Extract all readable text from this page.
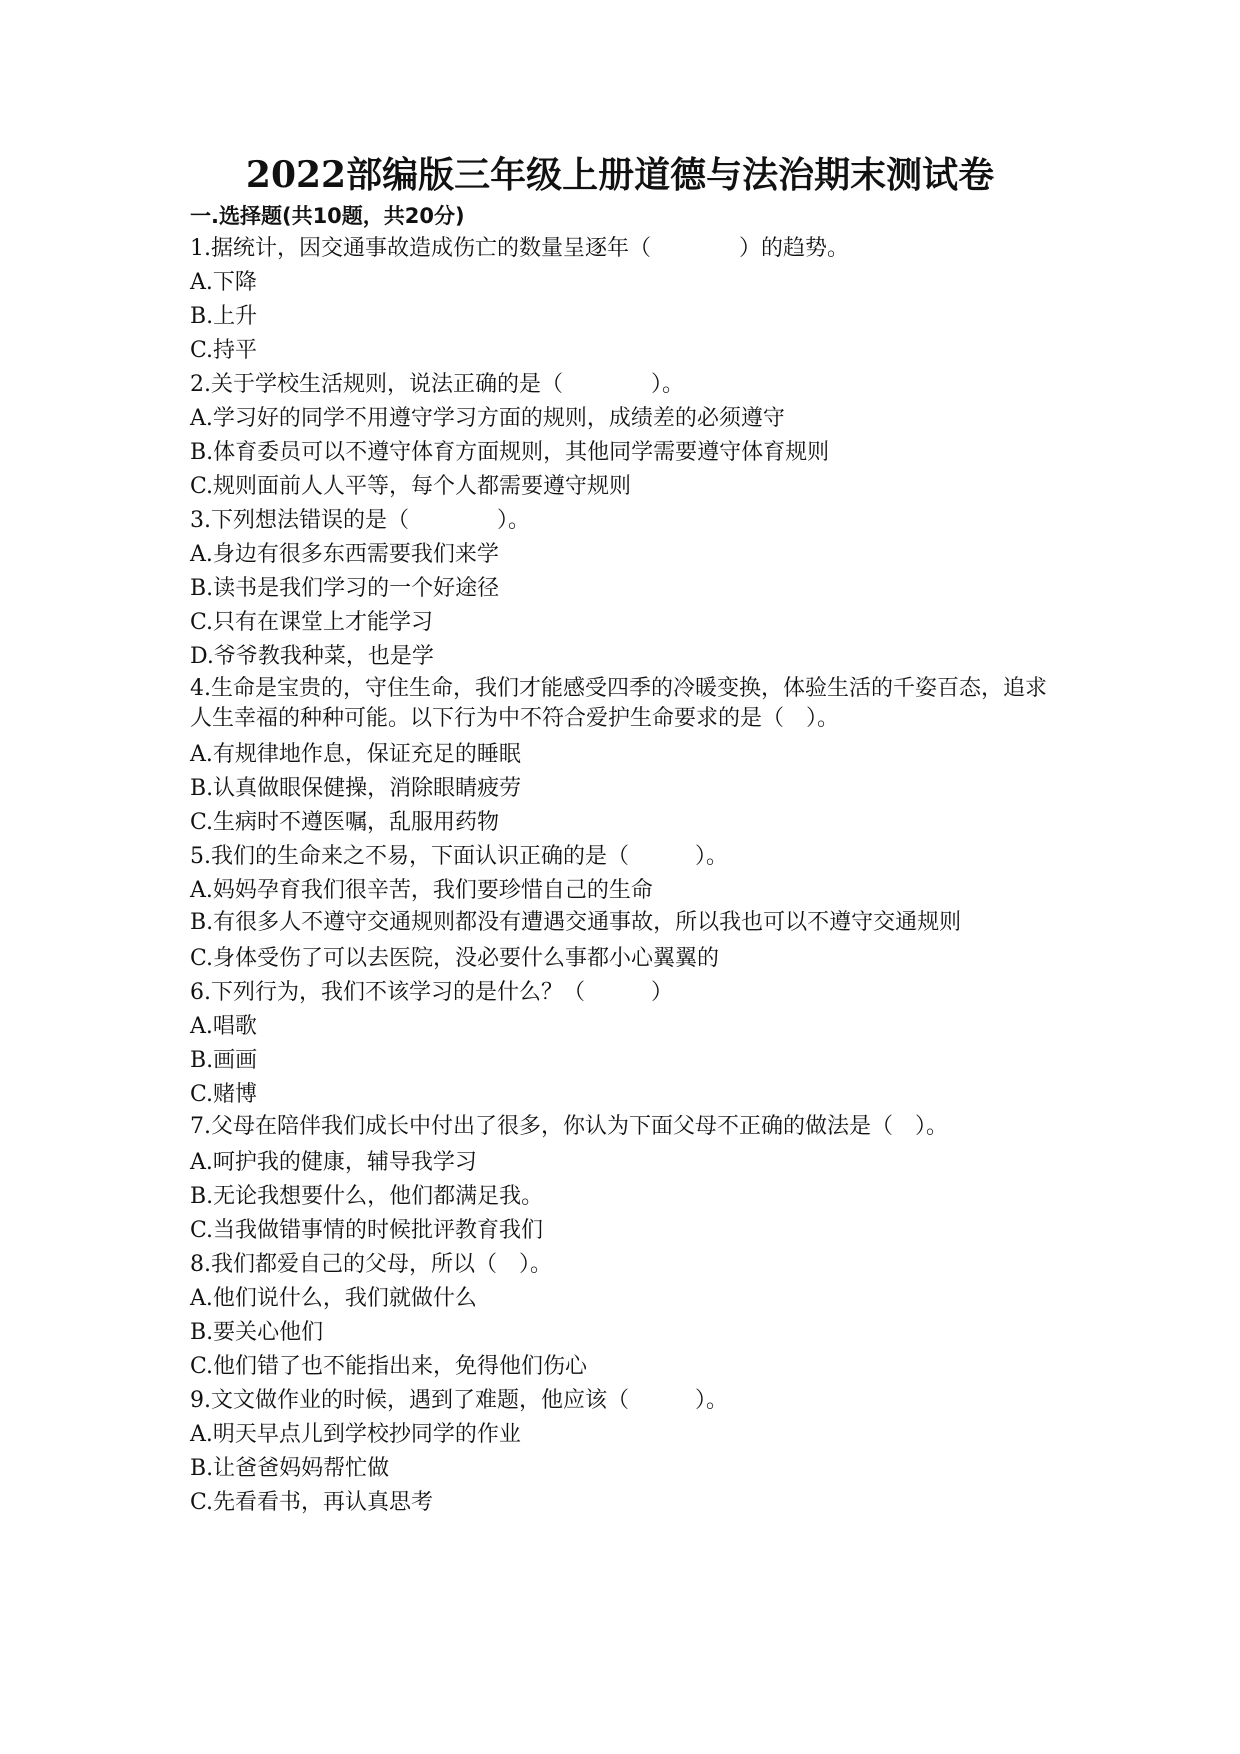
2022部编版三年级上册道德与法治期末测试卷
一.选择题(共10题，共20分)
1.据统计，因交通事故造成伤亡的数量呈逐年（　　　　）的趋势。
A.下降
B.上升
C.持平
2.关于学校生活规则，说法正确的是（　　　　）。
A.学习好的同学不用遵守学习方面的规则，成绩差的必须遵守
B.体育委员可以不遵守体育方面规则，其他同学需要遵守体育规则
C.规则面前人人平等，每个人都需要遵守规则
3.下列想法错误的是（　　　　）。
A.身边有很多东西需要我们来学
B.读书是我们学习的一个好途径
C.只有在课堂上才能学习
D.爷爷教我种菜，也是学
4.生命是宝贵的，守住生命，我们才能感受四季的冷暖变换，体验生活的千姿百态，追求人生幸福的种种可能。以下行为中不符合爱护生命要求的是（　）。
A.有规律地作息，保证充足的睡眠
B.认真做眼保健操，消除眼睛疲劳
C.生病时不遵医嘱，乱服用药物
5.我们的生命来之不易，下面认识正确的是（　　　）。
A.妈妈孕育我们很辛苦，我们要珍惜自己的生命
B.有很多人不遵守交通规则都没有遭遇交通事故，所以我也可以不遵守交通规则
C.身体受伤了可以去医院，没必要什么事都小心翼翼的
6.下列行为，我们不该学习的是什么？（　　　）
A.唱歌
B.画画
C.赌博
7.父母在陪伴我们成长中付出了很多，你认为下面父母不正确的做法是（　）。
A.呵护我的健康，辅导我学习
B.无论我想要什么，他们都满足我。
C.当我做错事情的时候批评教育我们
8.我们都爱自己的父母，所以（　）。
A.他们说什么，我们就做什么
B.要关心他们
C.他们错了也不能指出来，免得他们伤心
9.文文做作业的时候，遇到了难题，他应该（　　　）。
A.明天早点儿到学校抄同学的作业
B.让爸爸妈妈帮忙做
C.先看看书，再认真思考
